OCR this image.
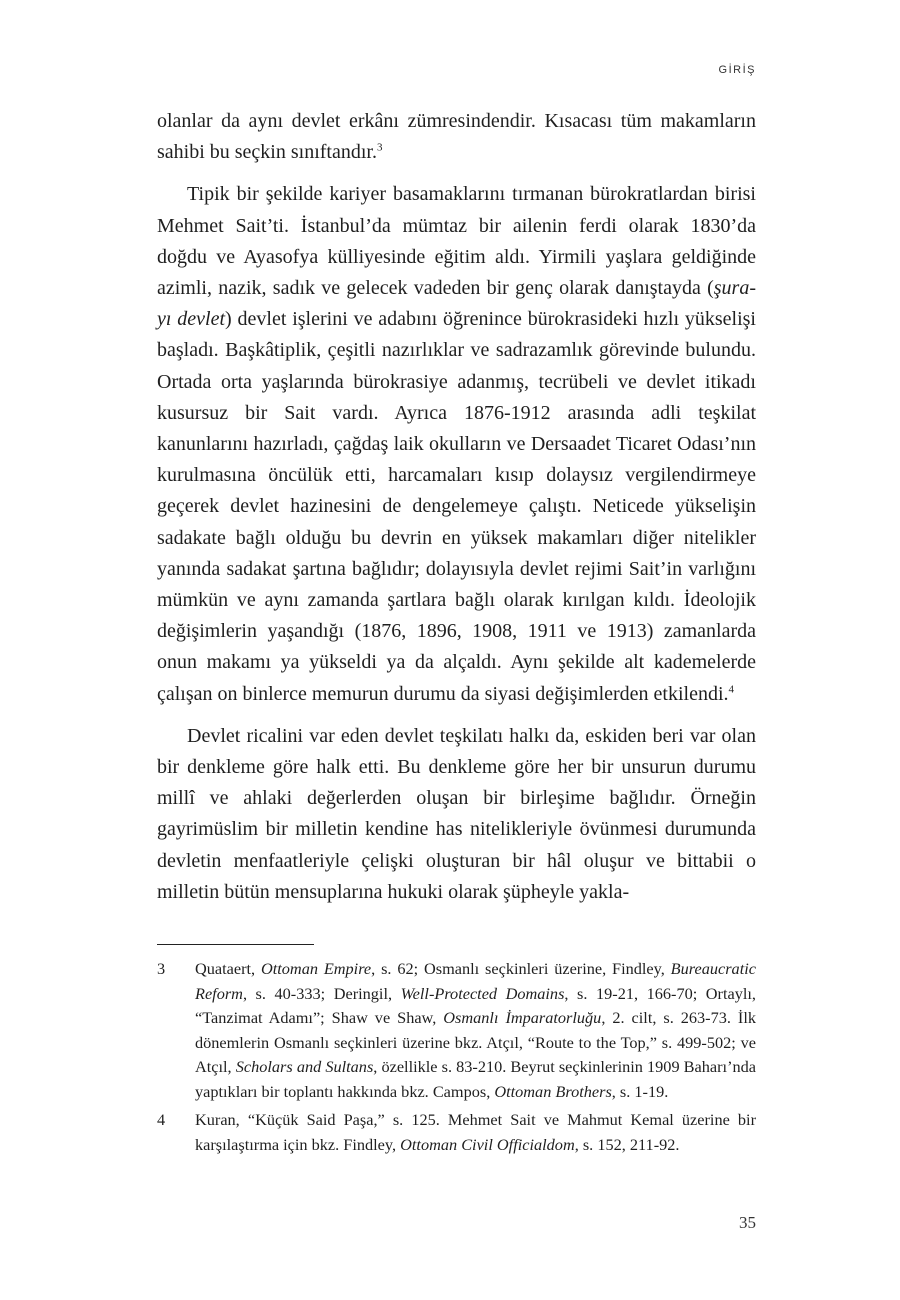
GİRİŞ

olanlar da aynı devlet erkânı zümresindendir. Kısacası tüm makamların sahibi bu seçkin sınıftandır.$^3$

Tipik bir şekilde kariyer basamaklarını tırmanan bürokratlardan birisi Mehmet Sait’ti. İstanbul’da mümtaz bir ailenin ferdi olarak 1830’da doğdu ve Ayasofya külliyesinde eğitim aldı. Yirmili yaşlara geldiğinde azimli, nazik, sadık ve gelecek vadeden bir genç olarak danıştayda (şura-yı devlet) devlet işlerini ve adabını öğrenince bürokrasideki hızlı yükselişi başladı. Başkâtiplik, çeşitli nazırlıklar ve sadrazamlık görevinde bulundu. Ortada orta yaşlarında bürokrasiye adanmış, tecrübeli ve devlet itikadı kusursuz bir Sait vardı. Ayrıca 1876-1912 arasında adli teşkilat kanunlarını hazırladı, çağdaş laik okulların ve Dersaadet Ticaret Odası’nın kurulmasına öncülük etti, harcamaları kısıp dolaysız vergilendirmeye geçerek devlet hazinesini de dengelemeye çalıştı. Neticede yükselişin sadakate bağlı olduğu bu devrin en yüksek makamları diğer nitelikler yanında sadakat şartına bağlıdır; dolayısıyla devlet rejimi Sait’in varlığını mümkün ve aynı zamanda şartlara bağlı olarak kırılgan kıldı. İdeolojik değişimlerin yaşandığı (1876, 1896, 1908, 1911 ve 1913) zamanlarda onun makamı ya yükseldi ya da alçaldı. Aynı şekilde alt kademelerde çalışan on binlerce memurun durumu da siyasi değişimlerden etkilendi.$^4$

Devlet ricalini var eden devlet teşkilatı halkı da, eskiden beri var olan bir denkleme göre halk etti. Bu denkleme göre her bir unsurun durumu millî ve ahlaki değerlerden oluşan bir birleşime bağlıdır. Örneğin gayrimüslim bir milletin kendine has nitelikleriyle övünmesi durumunda devletin menfaatleriyle çelişki oluşturan bir hâl oluşur ve bittabii o milletin bütün mensuplarına hukuki olarak şüpheyle yakla-

3	Quataert, Ottoman Empire, s. 62; Osmanlı seçkinleri üzerine, Findley, Bureaucratic Reform, s. 40-333; Deringil, Well-Protected Domains, s. 19-21, 166-70; Ortaylı, “Tanzimat Adamı”; Shaw ve Shaw, Osmanlı İmparatorluğu, 2. cilt, s. 263-73. İlk dönemlerin Osmanlı seçkinleri üzerine bkz. Atçıl, “Route to the Top,” s. 499-502; ve Atçıl, Scholars and Sultans, özellikle s. 83-210. Beyrut seçkinlerinin 1909 Baharı’nda yaptıkları bir toplantı hakkında bkz. Campos, Ottoman Brothers, s. 1-19.
4	Kuran, “Küçük Said Paşa,” s. 125. Mehmet Sait ve Mahmut Kemal üzerine bir karşılaştırma için bkz. Findley, Ottoman Civil Officialdom, s. 152, 211-92.
35
